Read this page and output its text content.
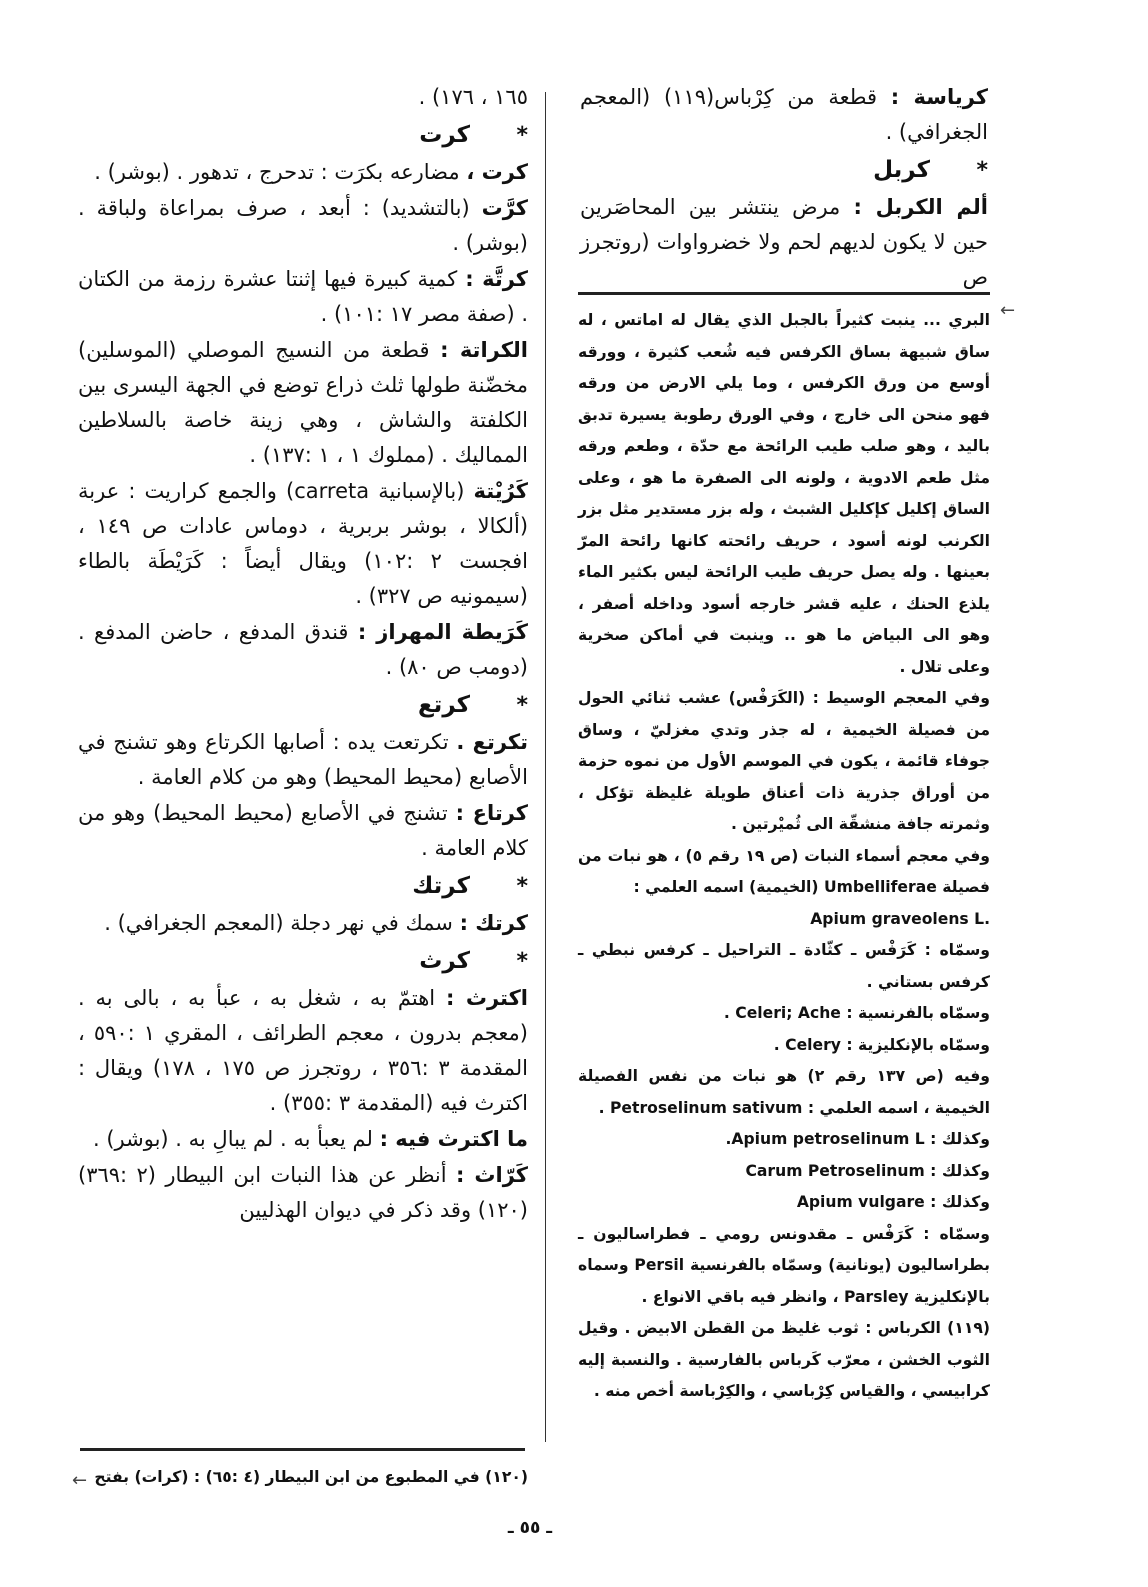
كرياسة : قطعة من كِرْباس(١١٩) (المعجم الجغرافي) .

*كربل

ألم الكربل : مرض ينتشر بين المحاصَرين حين لا يكون لديهم لحم ولا خضرواوات (روتجرز ص

←

البري ... ينبت كثيراً بالجبل الذي يقال له اماتس ، له ساق شبيهة بساق الكرفس فيه شُعب كثيرة ، وورقه أوسع من ورق الكرفس ، وما يلي الارض من ورقه فهو منحن الى خارج ، وفي الورق رطوبة يسيرة تدبق باليد ، وهو صلب طيب الرائحة مع حدّة ، وطعم ورقه مثل طعم الادوية ، ولونه الى الصفرة ما هو ، وعلى الساق إكليل كإكليل الشبث ، وله بزر مستدير مثل بزر الكرنب لونه أسود ، حريف رائحته كانها رائحة المرّ بعينها . وله يصل حريف طيب الرائحة ليس بكثير الماء يلذع الحنك ، عليه قشر خارجه أسود وداخله أصفر ، وهو الى البياض ما هو .. وينبت في أماكن صخرية وعلى تلال .

وفي المعجم الوسيط : (الكَرَفْس) عشب ثنائي الحول من فصيلة الخيمية ، له جذر وتدي مغزليّ ، وساق جوفاء قائمة ، يكون في الموسم الأول من نموه حزمة من أوراق جذرية ذات أعناق طويلة غليظة تؤكل ، وثمرته جافة منشقّة الى ثُميْرتين .

وفي معجم أسماء النبات (ص ١٩ رقم ٥) ، هو نبات من فصيلة Umbelliferae (الخيمية) اسمه العلمي :

Apium graveolens L.

وسمّاه : كَرَفْس ـ كثّادة ـ التراحيل ـ كرفس نبطي ـ كرفس بستاني .

وسمّاه بالفرنسية : Celeri; Ache .

وسمّاه بالإنكليزية : Celery .

وفيه (ص ١٣٧ رقم ٢) هو نبات من نفس الفصيلة الخيمية ، اسمه العلمي : Petroselinum sativum .

وكذلك : Apium petroselinum L.

وكذلك : Carum Petroselinum

وكذلك : Apium vulgare

وسمّاه : كَرَفْس ـ مقدونس رومي ـ فطراساليون ـ بطراساليون (يونانية) وسمّاه بالفرنسية Persil وسماه بالإنكليزية Parsley ، وانظر فيه باقي الانواع .

(١١٩) الكرباس : ثوب غليظ من القطن الابيض . وقيل الثوب الخشن ، معرّب كَرباس بالفارسية . والنسبة إليه كرابيسي ، والقياس كِرْباسي ، والكِرْباسة أخص منه .

١٦٥ ، ١٧٦) .

*كرت

كرت ، مضارعه بكرَت : تدحرج ، تدهور . (بوشر) .

كرَّت (بالتشديد) : أبعد ، صرف بمراعاة ولباقة . (بوشر) .

كرتَّة : كمية كبيرة فيها إثنتا عشرة رزمة من الكتان . (صفة مصر ١٧ :١٠١) .

الكراتة : قطعة من النسيج الموصلي (الموسلين) مخضّنة طولها ثلث ذراع توضع في الجهة اليسرى بين الكلفتة والشاش ، وهي زينة خاصة بالسلاطين المماليك . (مملوك ١ ، ١ :١٣٧) .

كَرُيْتة (بالإسبانية carreta) والجمع كراريت : عربة (ألكالا ، بوشر بربرية ، دوماس عادات ص ١٤٩ ، افجست ٢ :١٠٢) ويقال أيضاً : كَرَيْطَة بالطاء (سيمونيه ص ٣٢٧) .

كَرَيطة المهراز : قندق المدفع ، حاضن المدفع . (دومب ص ٨٠) .

*كرتع

تكرتع . تكرتعت يده : أصابها الكرتاع وهو تشنج في الأصابع (محيط المحيط) وهو من كلام العامة .

كرتاع : تشنج في الأصابع (محيط المحيط) وهو من كلام العامة .

*كرتك

كرتك : سمك في نهر دجلة (المعجم الجغرافي) .

*كرث

اكترث : اهتمّ به ، شغل به ، عبأ به ، بالى به . (معجم بدرون ، معجم الطرائف ، المقري ١ :٥٩٠ ، المقدمة ٣ :٣٥٦ ، روتجرز ص ١٧٥ ، ١٧٨) ويقال : اكترث فيه (المقدمة ٣ :٣٥٥) .

ما اكترث فيه : لم يعبأ به . لم يبالِ به . (بوشر) .

كَرّاث : أنظر عن هذا النبات ابن البيطار (٢ :٣٦٩)(١٢٠) وقد ذكر في ديوان الهذليين

(١٢٠) في المطبوع من ابن البيطار (٤ :٦٥) : (كرات) بفتح

←
ـ ٥٥ ـ
